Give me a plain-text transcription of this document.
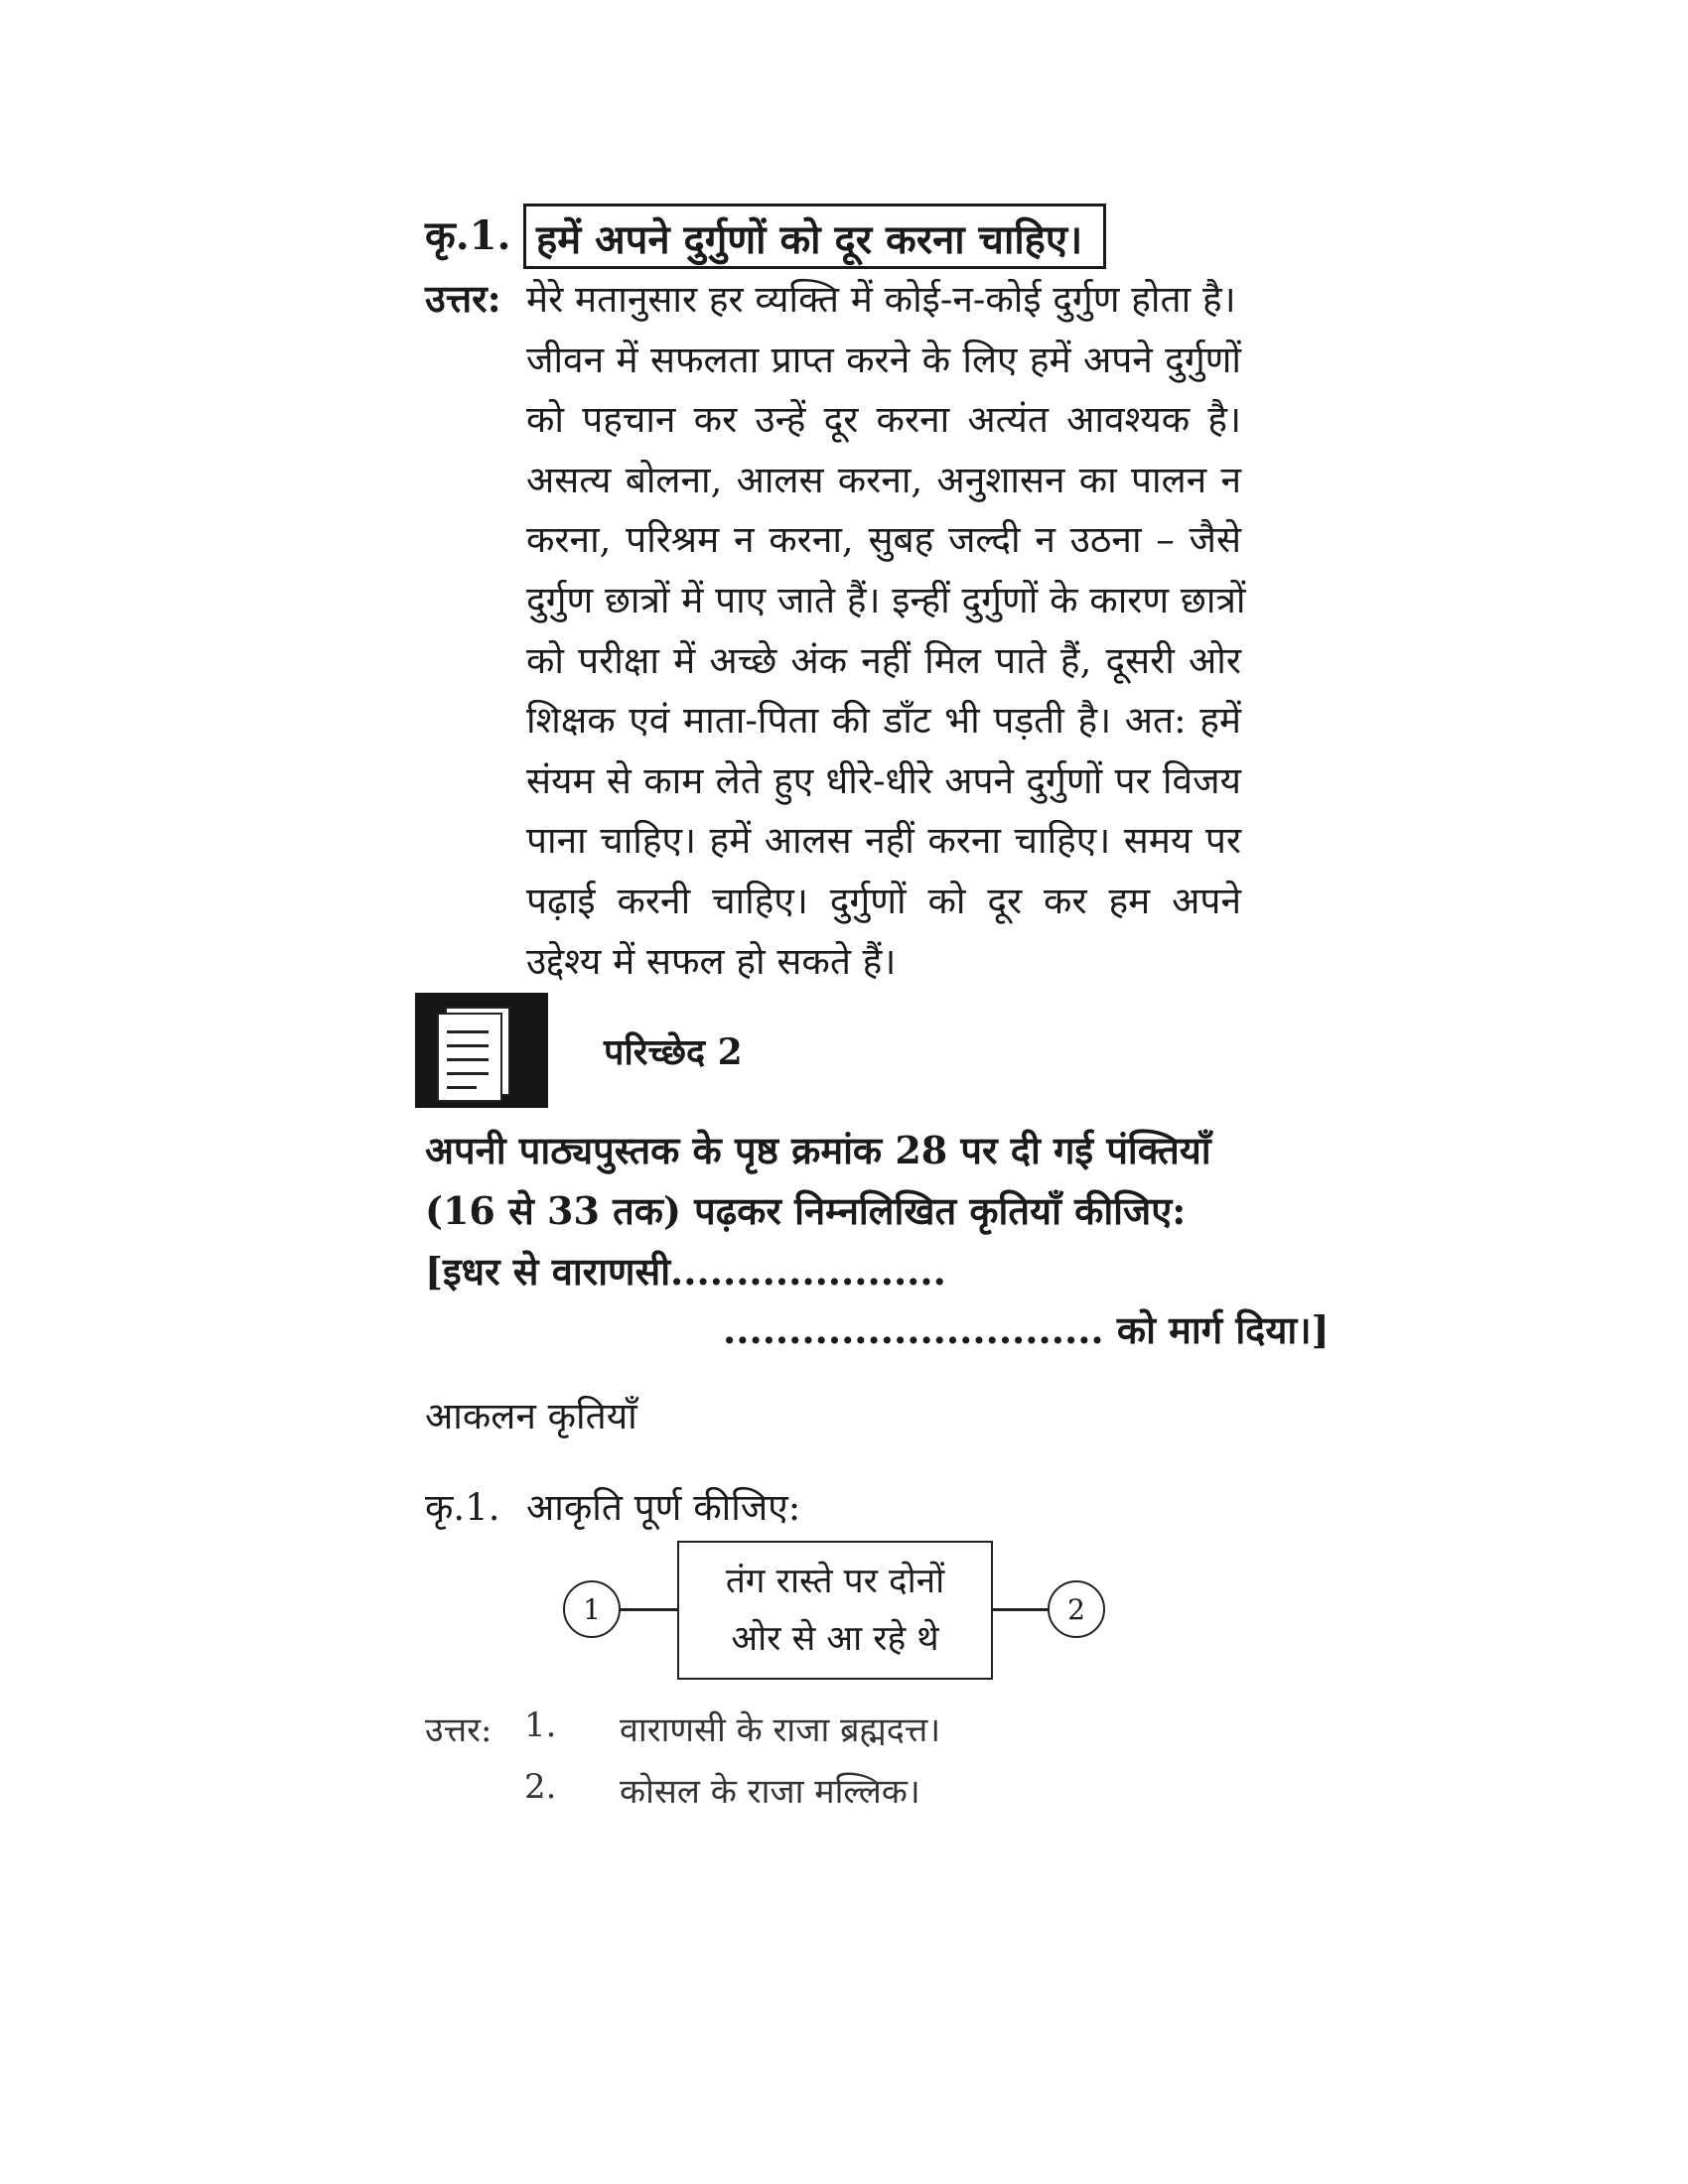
कृ.1. हमें अपने दुर्गुणों को दूर करना चाहिए।
उत्तर: मेरे मतानुसार हर व्यक्ति में कोई-न-कोई दुर्गुण होता है।
जीवन में सफलता प्राप्त करने के लिए हमें अपने दुर्गुणों
को पहचान कर उन्हें दूर करना अत्यंत आवश्यक है।
असत्य बोलना, आलस करना, अनुशासन का पालन न
करना, परिश्रम न करना, सुबह जल्दी न उठना – जैसे
दुर्गुण छात्रों में पाए जाते हैं। इन्हीं दुर्गुणों के कारण छात्रों
को परीक्षा में अच्छे अंक नहीं मिल पाते हैं, दूसरी ओर
शिक्षक एवं माता-पिता की डाँट भी पड़ती है। अत: हमें
संयम से काम लेते हुए धीरे-धीरे अपने दुर्गुणों पर विजय
पाना चाहिए। हमें आलस नहीं करना चाहिए। समय पर
पढ़ाई करनी चाहिए। दुर्गुणों को दूर कर हम अपने
उद्देश्य में सफल हो सकते हैं।
परिच्छेद 2
अपनी पाठ्यपुस्तक के पृष्ठ क्रमांक 28 पर दी गई पंक्तियाँ
(16 से 33 तक) पढ़कर निम्नलिखित कृतियाँ कीजिए:
[इधर से वाराणसी.....................
............................. को मार्ग दिया।]
आकलन कृतियाँ
कृ.1. आकृति पूर्ण कीजिए:
1
तंग रास्ते पर दोनों
ओर से आ रहे थे
2
उत्तर: 1. वाराणसी के राजा ब्रह्मदत्त।
2. कोसल के राजा मल्लिक।
